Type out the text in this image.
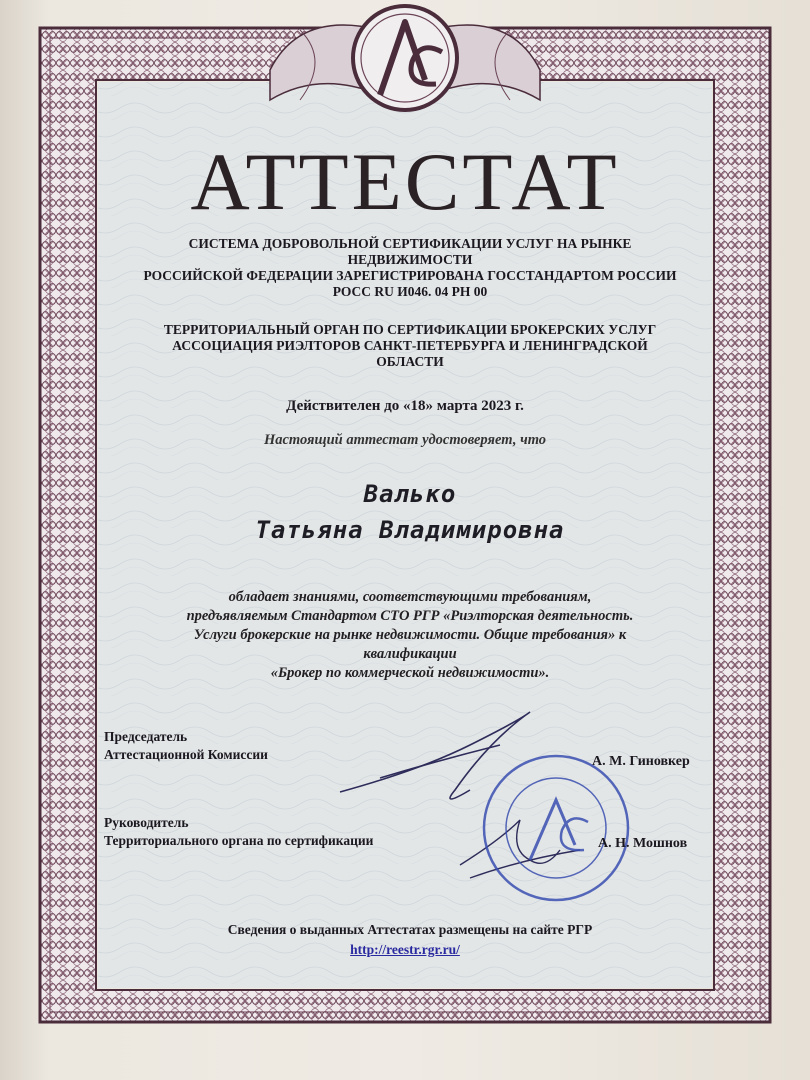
АТТЕСТАТ
СИСТЕМА ДОБРОВОЛЬНОЙ СЕРТИФИКАЦИИ УСЛУГ НА РЫНКЕ
НЕДВИЖИМОСТИ
РОССИЙСКОЙ ФЕДЕРАЦИИ ЗАРЕГИСТРИРОВАНА ГОССТАНДАРТОМ РОССИИ
РОСС RU И046. 04 РН 00
ТЕРРИТОРИАЛЬНЫЙ ОРГАН ПО СЕРТИФИКАЦИИ БРОКЕРСКИХ УСЛУГ
АССОЦИАЦИЯ РИЭЛТОРОВ САНКТ-ПЕТЕРБУРГА И ЛЕНИНГРАДСКОЙ
ОБЛАСТИ
Действителен до «18» марта 2023 г.
Настоящий аттестат удостоверяет, что
Валько
Татьяна Владимировна
обладает знаниями, соответствующими требованиям,
предъявляемым Стандартом СТО РГР «Риэлторская деятельность.
Услуги брокерские на рынке недвижимости. Общие требования» к
квалификации
«Брокер по коммерческой недвижимости».
Председатель
Аттестационной Комиссии	А. М. Гиновкер
Руководитель
Территориального органа по сертификации	А. Н. Мошнов
Сведения о выданных Аттестатах размещены на сайте РГР
http://reestr.rgr.ru/
